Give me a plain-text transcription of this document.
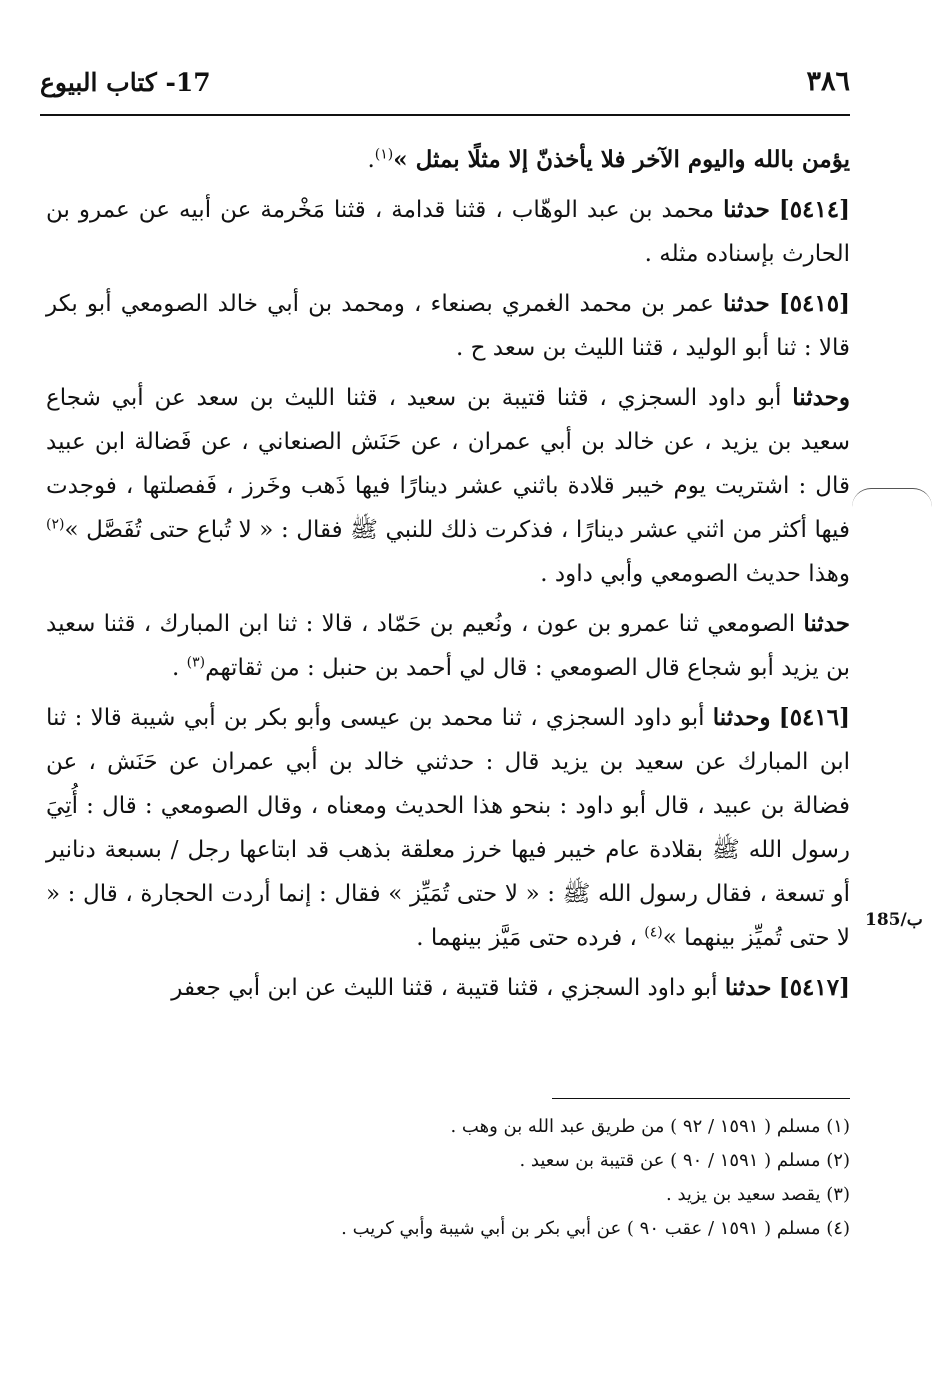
٣٨٦
17- كتاب البيوع
185/ب

يؤمن بالله واليوم الآخر فلا يأخذنّ إلا مثلًا بمثل »$^{(١)}$.

[٥٤١٤] حدثنا محمد بن عبد الوهّاب ، قثنا قدامة ، قثنا مَخْرمة عن أبيه عن عمرو بن الحارث بإسناده مثله .

[٥٤١٥] حدثنا عمر بن محمد الغمري بصنعاء ، ومحمد بن أبي خالد الصومعي أبو بكر قالا : ثنا أبو الوليد ، قثنا الليث بن سعد ح .

وحدثنا أبو داود السجزي ، قثنا قتيبة بن سعيد ، قثنا الليث بن سعد عن أبي شجاع سعيد بن يزيد ، عن خالد بن أبي عمران ، عن حَنَش الصنعاني ، عن فَضالة ابن عبيد قال : اشتريت يوم خيبر قلادة باثني عشر دينارًا فيها ذَهب وخَرز ، فَفصلتها ، فوجدت فيها أكثر من اثني عشر دينارًا ، فذكرت ذلك للنبي ﷺ فقال : « لا تُباع حتى تُفَصَّل »$^{(٢)}$ وهذا حديث الصومعي وأبي داود .

حدثنا الصومعي ثنا عمرو بن عون ، ونُعيم بن حَمّاد ، قالا : ثنا ابن المبارك ، قثنا سعيد بن يزيد أبو شجاع قال الصومعي : قال لي أحمد بن حنبل : من ثقاتهم$^{(٣)}$ .

[٥٤١٦] وحدثنا أبو داود السجزي ، ثنا محمد بن عيسى وأبو بكر بن أبي شيبة قالا : ثنا ابن المبارك عن سعيد بن يزيد قال : حدثني خالد بن أبي عمران عن حَنَش ، عن فضالة بن عبيد ، قال أبو داود : بنحو هذا الحديث ومعناه ، وقال الصومعي : قال : أُتِيَ رسول الله ﷺ بقلادة عام خيبر فيها خرز معلقة بذهب قد ابتاعها رجل / بسبعة دنانير أو تسعة ، فقال رسول الله ﷺ : « لا حتى تُمَيِّز » فقال : إنما أردت الحجارة ، قال : « لا حتى تُميِّز بينهما »$^{(٤)}$ ، فرده حتى مَيَّز بينهما .

[٥٤١٧] حدثنا أبو داود السجزي ، قثنا قتيبة ، قثنا الليث عن ابن أبي جعفر

(١) مسلم ( ١٥٩١ / ٩٢ ) من طريق عبد الله بن وهب .

(٢) مسلم ( ١٥٩١ / ٩٠ ) عن قتيبة بن سعيد .

(٣) يقصد سعيد بن يزيد .

(٤) مسلم ( ١٥٩١ / عقب ٩٠ ) عن أبي بكر بن أبي شيبة وأبي كريب .
